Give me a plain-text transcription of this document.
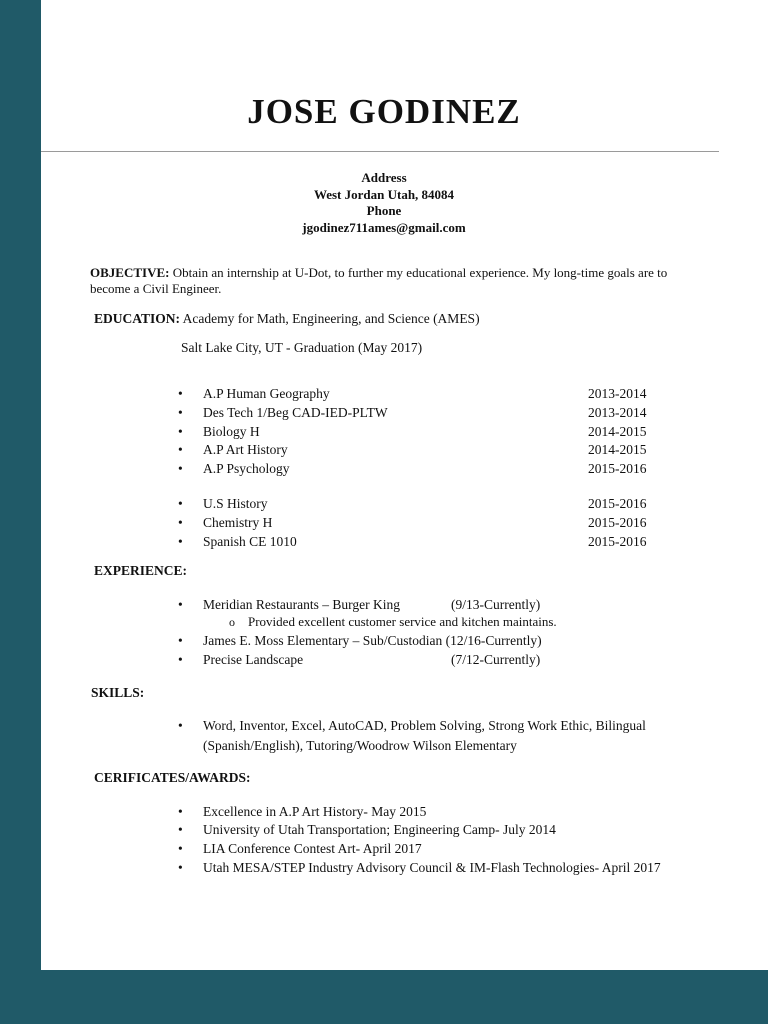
JOSE GODINEZ
Address
West Jordan Utah, 84084
Phone
jgodinez711ames@gmail.com
OBJECTIVE: Obtain an internship at U-Dot, to further my educational experience. My long-time goals are to become a Civil Engineer.
EDUCATION: Academy for Math, Engineering, and Science (AMES)
Salt Lake City, UT - Graduation (May 2017)
• A.P Human Geography	2013-2014
• Des Tech 1/Beg CAD-IED-PLTW	2013-2014
• Biology H	2014-2015
• A.P Art History	2014-2015
• A.P Psychology	2015-2016
• U.S History	2015-2016
• Chemistry H	2015-2016
• Spanish CE 1010	2015-2016
EXPERIENCE:
• Meridian Restaurants – Burger King	(9/13-Currently)
o Provided excellent customer service and kitchen maintains.
• James E. Moss Elementary – Sub/Custodian (12/16-Currently)
• Precise Landscape	(7/12-Currently)
SKILLS:
• Word, Inventor, Excel, AutoCAD, Problem Solving, Strong Work Ethic, Bilingual
(Spanish/English), Tutoring/Woodrow Wilson Elementary
CERIFICATES/AWARDS:
• Excellence in A.P Art History- May 2015
• University of Utah Transportation; Engineering Camp- July 2014
• LIA Conference Contest Art- April 2017
• Utah MESA/STEP Industry Advisory Council & IM-Flash Technologies- April 2017
